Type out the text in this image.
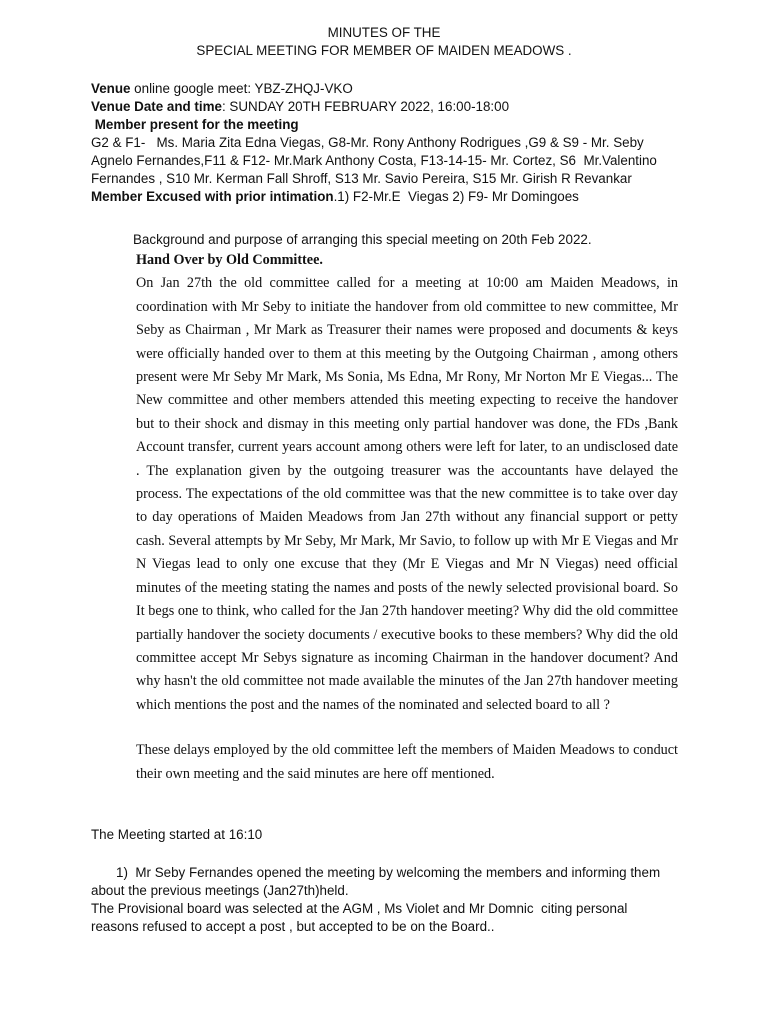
MINUTES OF THE
SPECIAL MEETING FOR MEMBER OF MAIDEN MEADOWS .
Venue online google meet: YBZ-ZHQJ-VKO
Venue Date and time: SUNDAY 20TH FEBRUARY 2022, 16:00-18:00
Member present for the meeting
G2 & F1-   Ms. Maria Zita Edna Viegas, G8-Mr. Rony Anthony Rodrigues ,G9 & S9 - Mr. Seby
Agnelo Fernandes,F11 & F12- Mr.Mark Anthony Costa, F13-14-15- Mr. Cortez, S6  Mr.Valentino
Fernandes , S10 Mr. Kerman Fall Shroff, S13 Mr. Savio Pereira, S15 Mr. Girish R Revankar
Member Excused with prior intimation.1) F2-Mr.E  Viegas 2) F9- Mr Domingoes
Background and purpose of arranging this special meeting on 20th Feb 2022.
Hand Over by Old Committee.

On Jan 27th the old committee called for a meeting at 10:00 am Maiden Meadows, in coordination with Mr Seby to initiate the handover from old committee to new committee, Mr Seby as Chairman , Mr Mark as Treasurer their names were proposed and documents & keys were officially handed over to them at this meeting by the Outgoing Chairman , among others present were Mr Seby Mr Mark, Ms Sonia, Ms Edna, Mr Rony, Mr Norton Mr E Viegas... The New committee and other members attended this meeting expecting to receive the handover but to their shock and dismay in this meeting only partial handover was done, the FDs ,Bank Account transfer, current years account among others were left for later, to an undisclosed date . The explanation given by the outgoing treasurer was the accountants have delayed the process. The expectations of the old committee was that the new committee is to take over day to day operations of Maiden Meadows from Jan 27th without any financial support or petty cash. Several attempts by Mr Seby, Mr Mark, Mr Savio, to follow up with Mr E Viegas and Mr N Viegas lead to only one excuse that they (Mr E Viegas and Mr N Viegas) need official minutes of the meeting stating the names and posts of the newly selected provisional board. So It begs one to think, who called for the Jan 27th handover meeting? Why did the old committee partially handover the society documents / executive books to these members? Why did the old committee accept Mr Sebys signature as incoming Chairman in the handover document? And why hasn't the old committee not made available the minutes of the Jan 27th handover meeting which mentions the post and the names of the nominated and selected board to all ?

These delays employed by the old committee left the members of Maiden Meadows to conduct their own meeting and the said minutes are here off mentioned.

The Meeting started at 16:10
1)  Mr Seby Fernandes opened the meeting by welcoming the members and informing them
about the previous meetings (Jan27th)held.
The Provisional board was selected at the AGM , Ms Violet and Mr Domnic  citing personal
reasons refused to accept a post , but accepted to be on the Board..
